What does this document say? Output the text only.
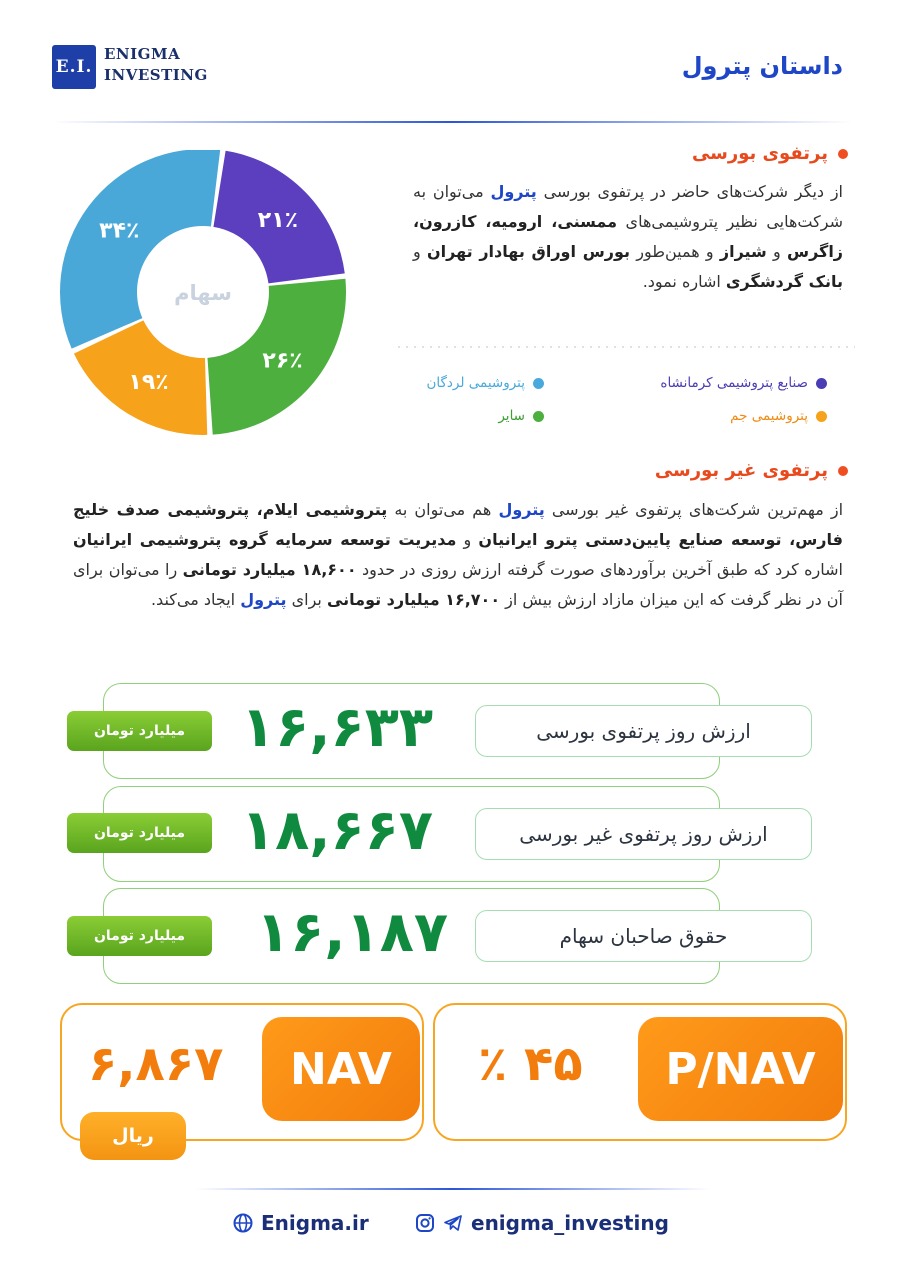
E.I.
ENIGMA
INVESTING	داستان پترول
پرتفوی بورسی
از دیگر شرکت‌های حاضر در پرتفوی بورسی پترول می‌توان به شرکت‌هایی نظیر پتروشیمی‌های ممسنی، ارومیه، کازرون، زاگرس و شیراز و همین‌طور بورس اوراق بهادار تهران و بانک گردشگری اشاره نمود.
۲۱٪
۲۶٪
۱۹٪
۳۴٪
سهام
صنایع پتروشیمی کرمانشاه
پتروشیمی لردگان
پتروشیمی جم
سایر
پرتفوی غیر بورسی
از مهم‌ترین شرکت‌های پرتفوی غیر بورسی پترول هم می‌توان به پتروشیمی ایلام، پتروشیمی صدف خلیج فارس، توسعه صنایع پایین‌دستی پترو ایرانیان و مدیریت توسعه سرمایه گروه پتروشیمی ایرانیان اشاره کرد که طبق آخرین برآوردهای صورت گرفته ارزش روزی در حدود ۱۸,۶۰۰ میلیارد تومانی را می‌توان برای آن در نظر گرفت که این میزان مازاد ارزش بیش از ۱۶,۷۰۰ میلیارد تومانی برای پترول ایجاد می‌کند.
ارزش روز پرتفوی بورسی
۱۶,۶۳۳
میلیارد تومان
ارزش روز پرتفوی غیر بورسی
۱۸,۶۶۷
میلیارد تومان
حقوق صاحبان سهام
۱۶,۱۸۷
میلیارد تومان
NAV
۶,۸۶۷
ریال
P/NAV
۴۵ ٪
Enigma.ir	enigma_investing
